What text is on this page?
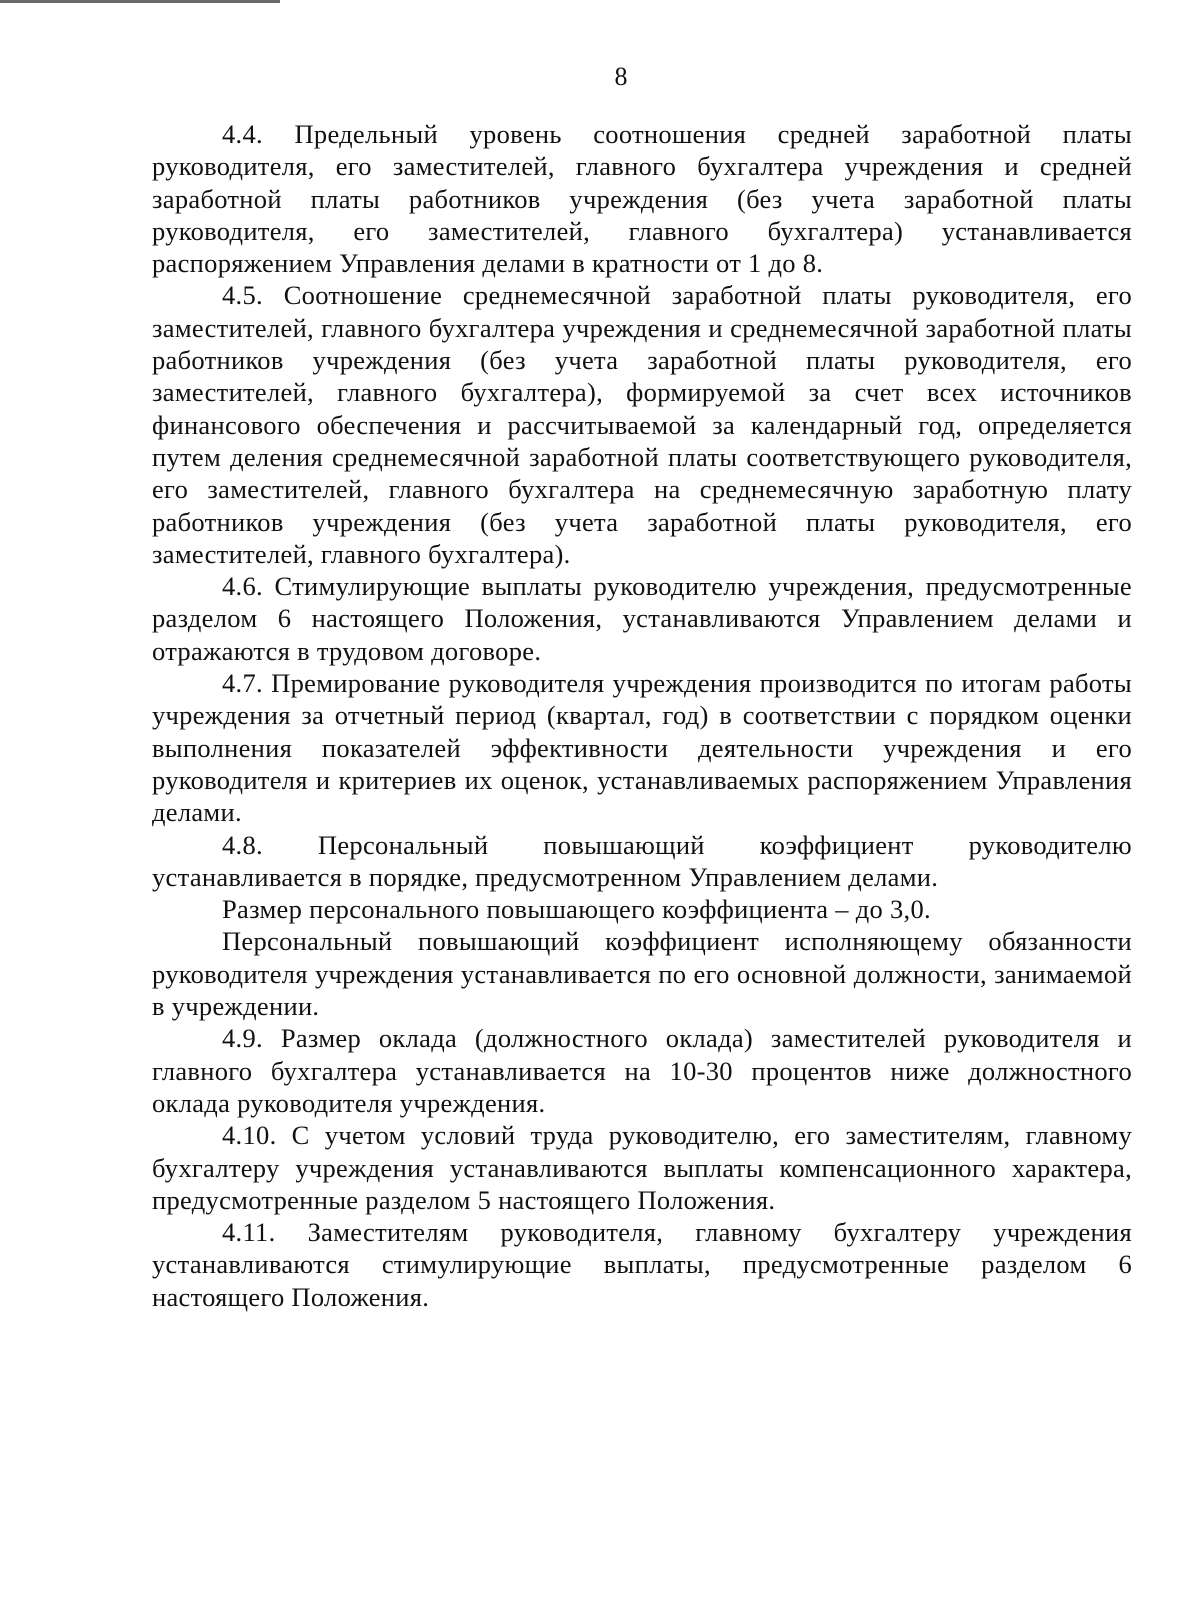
8

4.4. Предельный уровень соотношения средней заработной платы руководителя, его заместителей, главного бухгалтера учреждения и средней заработной платы работников учреждения (без учета заработной платы руководителя, его заместителей, главного бухгалтера) устанавливается распоряжением Управления делами в кратности от 1 до 8.

4.5. Соотношение среднемесячной заработной платы руководителя, его заместителей, главного бухгалтера учреждения и среднемесячной заработной платы работников учреждения (без учета заработной платы руководителя, его заместителей, главного бухгалтера), формируемой за счет всех источников финансового обеспечения и рассчитываемой за календарный год, определяется путем деления среднемесячной заработной платы соответствующего руководителя, его заместителей, главного бухгалтера на среднемесячную заработную плату работников учреждения (без учета заработной платы руководителя, его заместителей, главного бухгалтера).

4.6. Стимулирующие выплаты руководителю учреждения, предусмотренные разделом 6 настоящего Положения, устанавливаются Управлением делами и отражаются в трудовом договоре.

4.7. Премирование руководителя учреждения производится по итогам работы учреждения за отчетный период (квартал, год) в соответствии с порядком оценки выполнения показателей эффективности деятельности учреждения и его руководителя и критериев их оценок, устанавливаемых распоряжением Управления делами.

4.8. Персональный повышающий коэффициент руководителю устанавливается в порядке, предусмотренном Управлением делами.

Размер персонального повышающего коэффициента – до 3,0.

Персональный повышающий коэффициент исполняющему обязанности руководителя учреждения устанавливается по его основной должности, занимаемой в учреждении.

4.9. Размер оклада (должностного оклада) заместителей руководителя и главного бухгалтера устанавливается на 10-30 процентов ниже должностного оклада руководителя учреждения.

4.10. С учетом условий труда руководителю, его заместителям, главному бухгалтеру учреждения устанавливаются выплаты компенсационного характера, предусмотренные разделом 5 настоящего Положения.

4.11. Заместителям руководителя, главному бухгалтеру учреждения устанавливаются стимулирующие выплаты, предусмотренные разделом 6 настоящего Положения.
